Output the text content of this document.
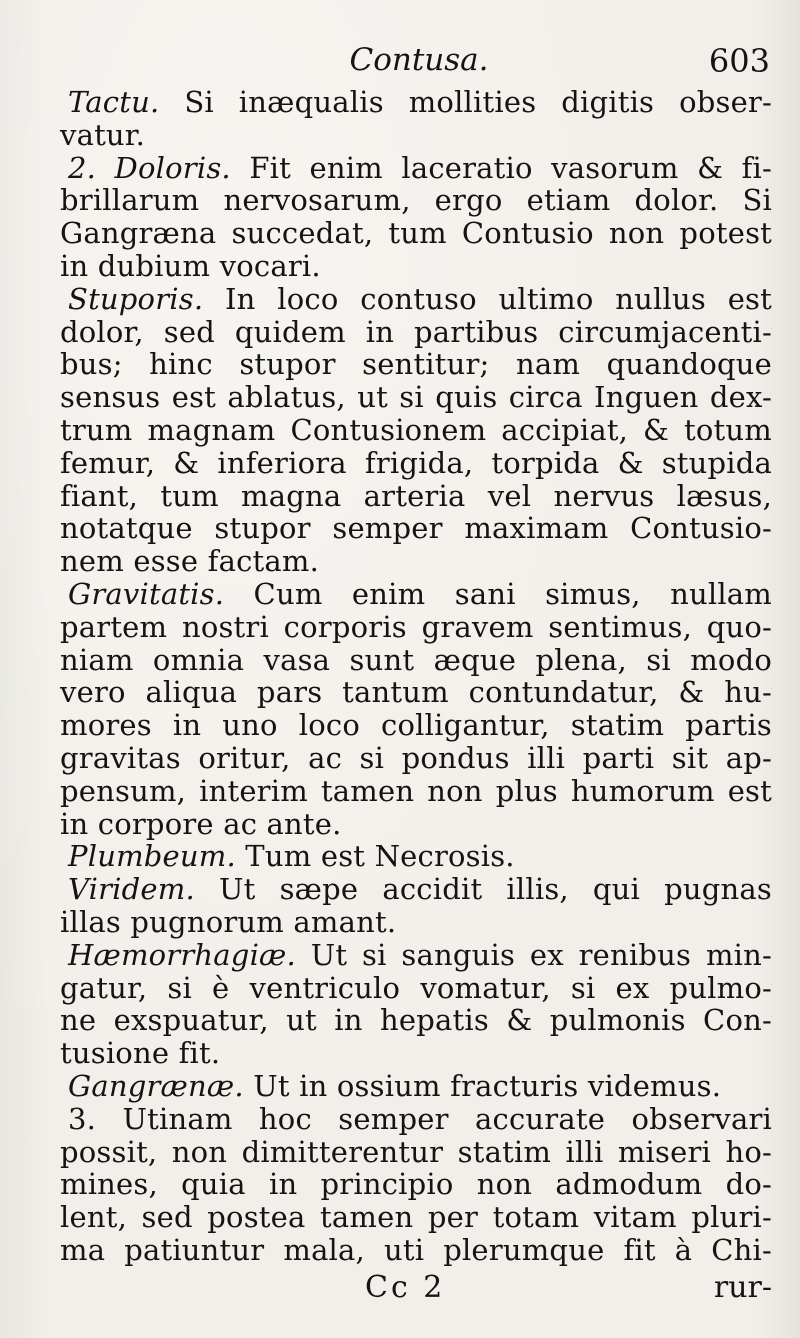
Contusa.	603
Tactu. Si inæqualis mollities digitis obser-
vatur.
2. Doloris. Fit enim laceratio vasorum & fi-
brillarum nervosarum, ergo etiam dolor. Si
Gangræna succedat, tum Contusio non potest
in dubium vocari.
Stuporis. In loco contuso ultimo nullus est
dolor, sed quidem in partibus circumjacenti-
bus; hinc stupor sentitur; nam quandoque
sensus est ablatus, ut si quis circa Inguen dex-
trum magnam Contusionem accipiat, & totum
femur, & inferiora frigida, torpida & stupida
fiant, tum magna arteria vel nervus læsus,
notatque stupor semper maximam Contusio-
nem esse factam.
Gravitatis. Cum enim sani simus, nullam
partem nostri corporis gravem sentimus, quo-
niam omnia vasa sunt æque plena, si modo
vero aliqua pars tantum contundatur, & hu-
mores in uno loco colligantur, statim partis
gravitas oritur, ac si pondus illi parti sit ap-
pensum, interim tamen non plus humorum est
in corpore ac ante.
Plumbeum. Tum est Necrosis.
Viridem. Ut sæpe accidit illis, qui pugnas
illas pugnorum amant.
Hæmorrhagiæ. Ut si sanguis ex renibus min-
gatur, si è ventriculo vomatur, si ex pulmo-
ne exspuatur, ut in hepatis & pulmonis Con-
tusione fit.
Gangrænæ. Ut in ossium fracturis videmus.
3. Utinam hoc semper accurate observari
possit, non dimitterentur statim illi miseri ho-
mines, quia in principio non admodum do-
lent, sed postea tamen per totam vitam pluri-
ma patiuntur mala, uti plerumque fit à Chi-
Cc 2	rur-
